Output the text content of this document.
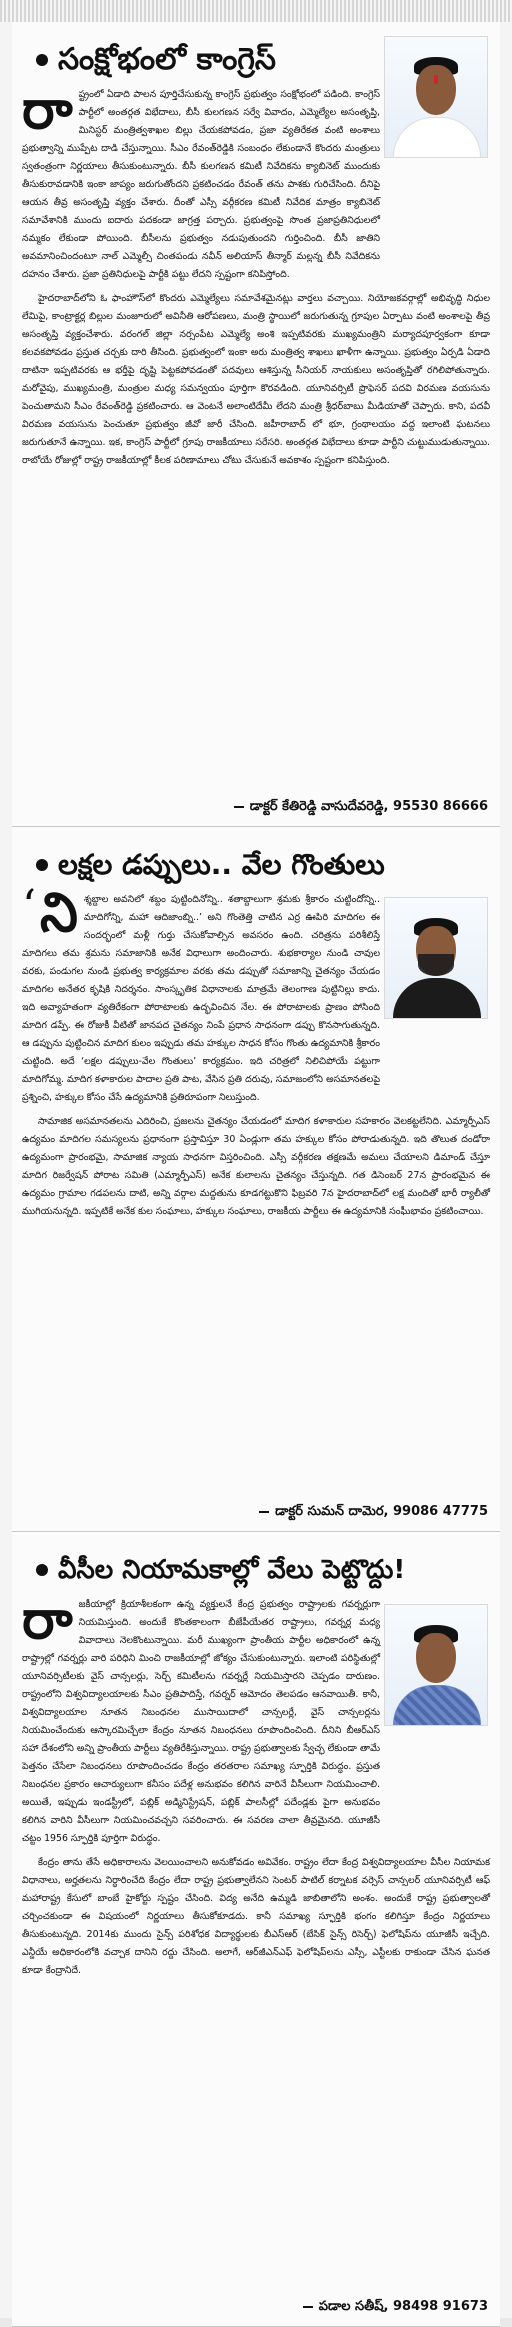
సంక్షోభంలో కాంగ్రెస్
రా ష్ట్రంలో ఏడాది పాలన పూర్తిచేసుకున్న కాంగ్రెస్ ప్రభుత్వం సంక్షోభంలో పడింది. కాంగ్రెస్ పార్టీలో అంతర్గత విభేదాలు, బీసీ కులగణన సర్వే వివాదం, ఎమ్మెల్యేల అసంతృప్తి, మినిస్టర్ మంత్రిత్వశాఖల బిల్లు చేయకపోవడం, ప్రజా వ్యతిరేకత వంటి అంశాలు ప్రభుత్వాన్ని ముప్పేట దాడి చేస్తున్నాయి. సీఎం రేవంత్‌రెడ్డికి సంబంధం లేకుండానే కొందరు మంత్రులు స్వతంత్రంగా నిర్ణయాలు తీసుకుంటున్నారు. బీసీ కులగణన కమిటీ నివేదికను క్యాబినెట్ ముందుకు తీసుకురావడానికి ఇంకా జాప్యం జరుగుతోందని ప్రకటించడం రేవంత్ తను పాశకు గురిచేసింది. దీనిపై ఆయన తీవ్ర అసంతృప్తి వ్యక్తం చేశారు. దీంతో ఎస్సీ వర్గీకరణ కమిటీ నివేదిక మాత్రం క్యాబినెట్ సమావేశానికి ముందు ఐదారు పదకండా జాగ్రత్త పర్చారు. ప్రభుత్వంపై సొంత ప్రజాప్రతినిధులలో నమ్మకం లేకుండా పోయింది. బీసీలను ప్రభుత్వం నడుపుతుందని గుర్తించింది. బీసీ జాతిని అవమానించిందంటూ నాల్ ఎమ్మెల్సీ చింతపండు నవీన్ అలియాస్ తీన్మార్ మల్లన్న బీసీ నివేదికను దహనం చేశారు. ప్రజా ప్రతినిధులపై పార్టీకి పట్టు లేదని స్పష్టంగా కనిపిస్తోంది.
హైదరాబాద్‌లోని ఓ ఫాంహౌస్‌లో కొందరు ఎమ్మెల్యేలు సమావేశమైనట్లు వార్తలు వచ్చాయి. నియోజకవర్గాల్లో అభివృద్ధి నిధుల లేమిపై, కాంట్రాక్టర్ల బిల్లుల మంజూరులో అవినీతి ఆరోపణలు, మంత్రి స్థాయిలో జరుగుతున్న గ్రూపుల ఏర్పాటు వంటి అంశాలపై తీవ్ర అసంతృప్తి వ్యక్తంచేశారు. వరంగల్ జిల్లా నర్సంపేట ఎమ్మెల్యే అంశి ఇప్పటివరకు ముఖ్యమంత్రిని మర్యాదపూర్వకంగా కూడా కలవకపోవడం ప్రస్తుత చర్చకు దారి తీసింది. ప్రభుత్వంలో ఇంకా అరు మంత్రిత్వ శాఖలు ఖాళీగా ఉన్నాయి. ప్రభుత్వం ఏర్పడి ఏడాది దాటినా ఇప్పటివరకు ఆ భర్తీపై దృష్టి పెట్టకపోవడంతో పదవులు ఆశిస్తున్న సీనియర్ నాయకులు అసంతృప్తితో రగిలిపోతున్నారు. మరోవైపు, ముఖ్యమంత్రి, మంత్రుల మధ్య సమన్వయం పూర్తిగా కొరవడింది. యూనివర్సిటీ ప్రొఫెసర్ పదవి విరమణ వయసును పెంచుతామని సీఎం రేవంత్‌రెడ్డి ప్రకటించారు. ఆ వెంటనే అలాంటిదేమీ లేదని మంత్రి శ్రీధర్‌బాబు మీడియాతో చెప్పారు. కాని, పదవీ విరమణ వయసును పెంచుతూ ప్రభుత్వం జీవో జారీ చేసింది. జహీరాబాద్ లో భూ, గ్రంథాలయం వద్ద ఇలాంటి ఘటనలు జరుగుతూనే ఉన్నాయి. ఇక, కాంగ్రెస్ పార్టీలో గ్రూపు రాజకీయాలు సరేసరి. అంతర్గత విభేదాలు కూడా పార్టీని చుట్టుముడుతున్నాయి. రాబోయే రోజుల్లో రాష్ట్ర రాజకీయాల్లో కీలక పరిణామాలు చోటు చేసుకునే అవకాశం స్పష్టంగా కనిపిస్తుంది.
డాక్టర్ కేతిరెడ్డి వాసుదేవరెడ్డి, 95530 86666
లక్షల డప్పులు.. వేల గొంతులు
‘ ని శ్శబ్దాల అవనిలో శబ్దం పుట్టిందినోన్ని.. శతాబ్దాలుగా శ్రమకు శ్రీకారం చుట్టిందోన్ని.. మాదిగోన్ని, మహా ఆదిజాంబ్ని..’ అని గొంతెత్తి చాటిన ఎర్ర ఊపిరి మాదిగల ఈ సందర్భంలో మళ్లీ గుర్తు చేసుకోవాల్సిన అవసరం ఉంది. చరిత్రను పరిశీలిస్తే మాదిగలు తమ శ్రమను సమాజానికి అనేక విధాలుగా అందించారు. శుభకార్యాల నుండి చావుల వరకు, పండుగల నుండి ప్రభుత్వ కార్యక్రమాల వరకు తమ డప్పుతో సమాజాన్ని చైతన్యం చేయడం మాదిగల అనేతర కృషికి నిదర్శనం. సాంస్కృతిక విధానాలకు మాత్రమే తెలంగాణ పుట్టినిల్లు కాదు. ఇది అవ్యాహతంగా వ్యతిరేకంగా పోరాటాలకు ఉద్భవించిన నేల. ఈ పోరాటాలకు ప్రాణం పోసింది మాదిగ డప్పే. ఈ రోజుకీ వీటితో జానపద చైతన్యం నింపే ప్రధాన సాధనంగా డప్పు కొనసాగుతున్నది. ఆ డప్పును పుట్టించిన మాదిగ కులం ఇప్పుడు తమ హక్కుల సాధన కోసం గొంతు ఉద్యమానికి శ్రీకారం చుట్టింది. అదే ‘లక్షల డప్పులు-వేల గొంతులు’ కార్యక్రమం. ఇది చరిత్రలో నిలిచిపోయే పట్టుగా మాదిగోమ్మ. మాదిగ కళాకారుల పాదాల ప్రతి పాట, వేసిన ప్రతి దరువు, సమాజంలోని అసమానతలపై ప్రశ్నించి, హక్కుల కోసం చేసే ఉద్యమానికి ప్రతిరూపంగా నిలుస్తుంది.
సామాజిక అసమానతలను ఎదిరించి, ప్రజలను చైతన్యం చేయడంలో మాదిగ కళాకారుల సహకారం వెలకట్టలేనిది. ఎమ్మార్పీఎస్ ఉద్యమం మాదిగల సమస్యలను ప్రధానంగా ప్రస్తావిస్తూ 30 ఏండ్లుగా తమ హక్కుల కోసం పోరాడుతున్నది. ఇది తొలుత దండోరా ఉద్యమంగా ప్రారంభమై, సామాజిక న్యాయ సాధనగా విస్తరించింది. ఎస్సీ వర్గీకరణ తక్షణమే అమలు చేయాలని డిమాండ్ చేస్తూ మాదిగ రిజర్వేషన్ పోరాట సమితి (ఎమ్మార్పీఎస్) అనేక కులాలను చైతన్యం చేస్తున్నది. గత డిసెంబర్ 27న ప్రారంభమైన ఈ ఉద్యమం గ్రామాల గడపలను దాటి, అన్ని వర్గాల మద్దతును కూడగట్టుకొని ఫిబ్రవరి 7న హైదరాబాద్‌లో లక్ష మందితో భారీ ర్యాలీతో ముగియనున్నది. ఇప్పటికే అనేక కుల సంఘాలు, హక్కుల సంఘాలు, రాజకీయ పార్టీలు ఈ ఉద్యమానికి సంఘీభావం ప్రకటించాయి.
డాక్టర్ సుమన్ దామెర, 99086 47775
వీసీల నియామకాల్లో వేలు పెట్టొద్దు!
రా జకీయాల్లో క్రియాశీలకంగా ఉన్న వ్యక్తులనే కేంద్ర ప్రభుత్వం రాష్ట్రాలకు గవర్నర్లుగా నియమిస్తుంది. అందుకే కొంతకాలంగా బీజేపీయేతర రాష్ట్రాలు, గవర్నర్ల మధ్య వివాదాలు నెలకొంటున్నాయి. మరీ ముఖ్యంగా ప్రాంతీయ పార్టీల అధికారంలో ఉన్న రాష్ట్రాల్లో గవర్నర్లు వారి పరిధిని మించి రాజకీయాల్లో జోక్యం చేసుకుంటున్నారు. ఇలాంటి పరిస్థితుల్లో యూనివర్సిటీలకు వైస్ చాన్సలర్లు, సెర్చ్ కమిటీలను గవర్నర్లే నియమిస్తారని చెప్పడం దారుణం. రాష్ట్రంలోని విశ్వవిద్యాలయాలకు సీఎం ప్రతిపాదిస్తే, గవర్నర్ ఆమోదం తెలపడం ఆనవాయితీ. కానీ, విశ్వవిద్యాలయాల నూతన నిబంధనల ముసాయిదాలో చాన్సలర్లే, వైస్ చాన్సలర్లను నియమించేందుకు ఆస్కారమిచ్చేలా కేంద్రం నూతన నిబంధనలు రూపొందించింది. దీనిని బీఆర్ఎస్ సహా దేశంలోని అన్ని ప్రాంతీయ పార్టీలు వ్యతిరేకిస్తున్నాయి. రాష్ట్ర ప్రభుత్వాలకు స్వేచ్ఛ లేకుండా తామే పెత్తనం చేసేలా నిబంధనలు రూపొందించడం కేంద్రం తరతరాల సమాఖ్య స్ఫూర్తికి విరుద్ధం. ప్రస్తుత నిబంధనల ప్రకారం ఆచార్యులుగా కనీసం పదేళ్ల అనుభవం కలిగిన వారినే వీసీలుగా నియమించాలి. అయితే, ఇప్పుడు ఇండస్ట్రీలో, పబ్లిక్ అడ్మినిస్ట్రేషన్, పబ్లిక్ పాలసీల్లో పదేండ్లకు పైగా అనుభవం కలిగిన వారిని వీసీలుగా నియమించవచ్చని సవరించారు. ఈ సవరణ చాలా తీవ్రమైనది. యూజీసీ చట్టం 1956 స్ఫూర్తికి పూర్తిగా విరుద్ధం.
కేంద్రం తాను తేసే అధికారాలను వెలయించాలని అనుకోవడం అవివేకం. రాష్ట్రం లేదా కేంద్ర విశ్వవిద్యాలయాల వీసీల నియామక విధానాలు, అర్హతలను నిర్ధారించేది కేంద్రం లేదా రాష్ట్ర ప్రభుత్వాలేనని సెంటర్ పాటిల్ కర్నాటక వర్సెస్ చాన్సలర్ యూనివర్సిటీ ఆఫ్ మహారాష్ట్ర కేసులో బాంబే హైకోర్టు స్పష్టం చేసింది. విద్య అనేది ఉమ్మడి జాబితాలోని అంశం. అందుకే రాష్ట్ర ప్రభుత్వాలతో చర్చించకుండా ఈ విషయంలో నిర్ణయాలు తీసుకోకూడదు. కానీ సమాఖ్య స్ఫూర్తికి భంగం కలిగిస్తూ కేంద్రం నిర్ణయాలు తీసుకుంటున్నది. 2014కు ముందు సైన్స్ పరిశోధక విద్యార్థులకు బీఎస్ఆర్ (బేసిక్ సైన్స్ రిసెర్చ్) ఫెలోషిప్‌ను యూజీసీ ఇచ్చేది. ఎన్డీయే అధికారంలోకి వచ్చాక దానిని రద్దు చేసింది. అలాగే, ఆర్‌జీఎన్‌ఎఫ్ ఫెలోషిప్‌లను ఎస్సీ, ఎస్టీలకు రాకుండా చేసిన ఘనత కూడా కేంద్రానిదే.
పడాల సతీష్, 98498 91673
